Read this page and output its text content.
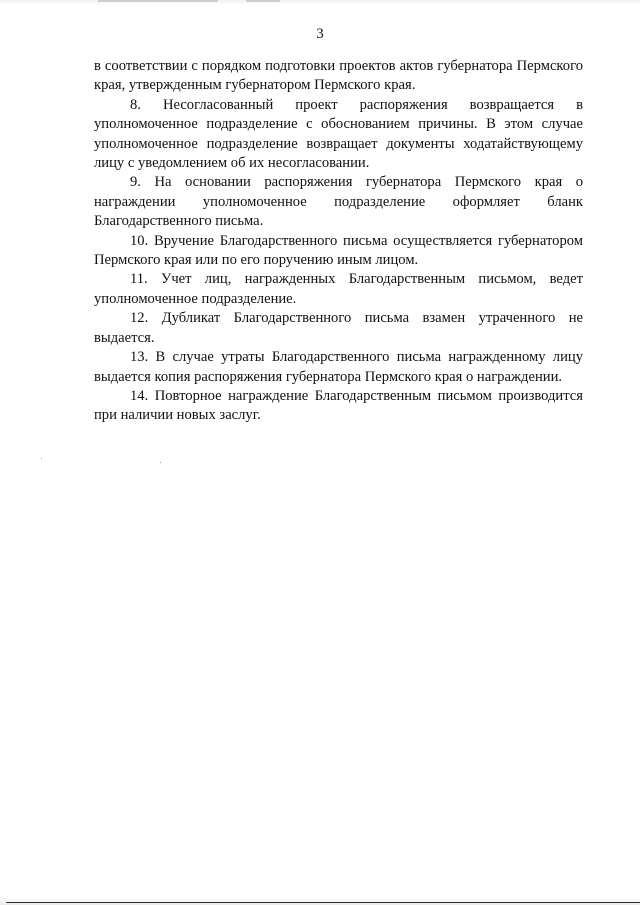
3

в соответствии с порядком подготовки проектов актов губернатора Пермского края, утвержденным губернатором Пермского края.

8. Несогласованный проект распоряжения возвращается в уполномоченное подразделение с обоснованием причины. В этом случае уполномоченное подразделение возвращает документы ходатайствующему лицу с уведомлением об их несогласовании.

9. На основании распоряжения губернатора Пермского края о награждении уполномоченное подразделение оформляет бланк Благодарственного письма.

10. Вручение Благодарственного письма осуществляется губернатором Пермского края или по его поручению иным лицом.

11. Учет лиц, награжденных Благодарственным письмом, ведет уполномоченное подразделение.

12. Дубликат Благодарственного письма взамен утраченного не выдается.

13. В случае утраты Благодарственного письма награжденному лицу выдается копия распоряжения губернатора Пермского края о награждении.

14. Повторное награждение Благодарственным письмом производится при наличии новых заслуг.
